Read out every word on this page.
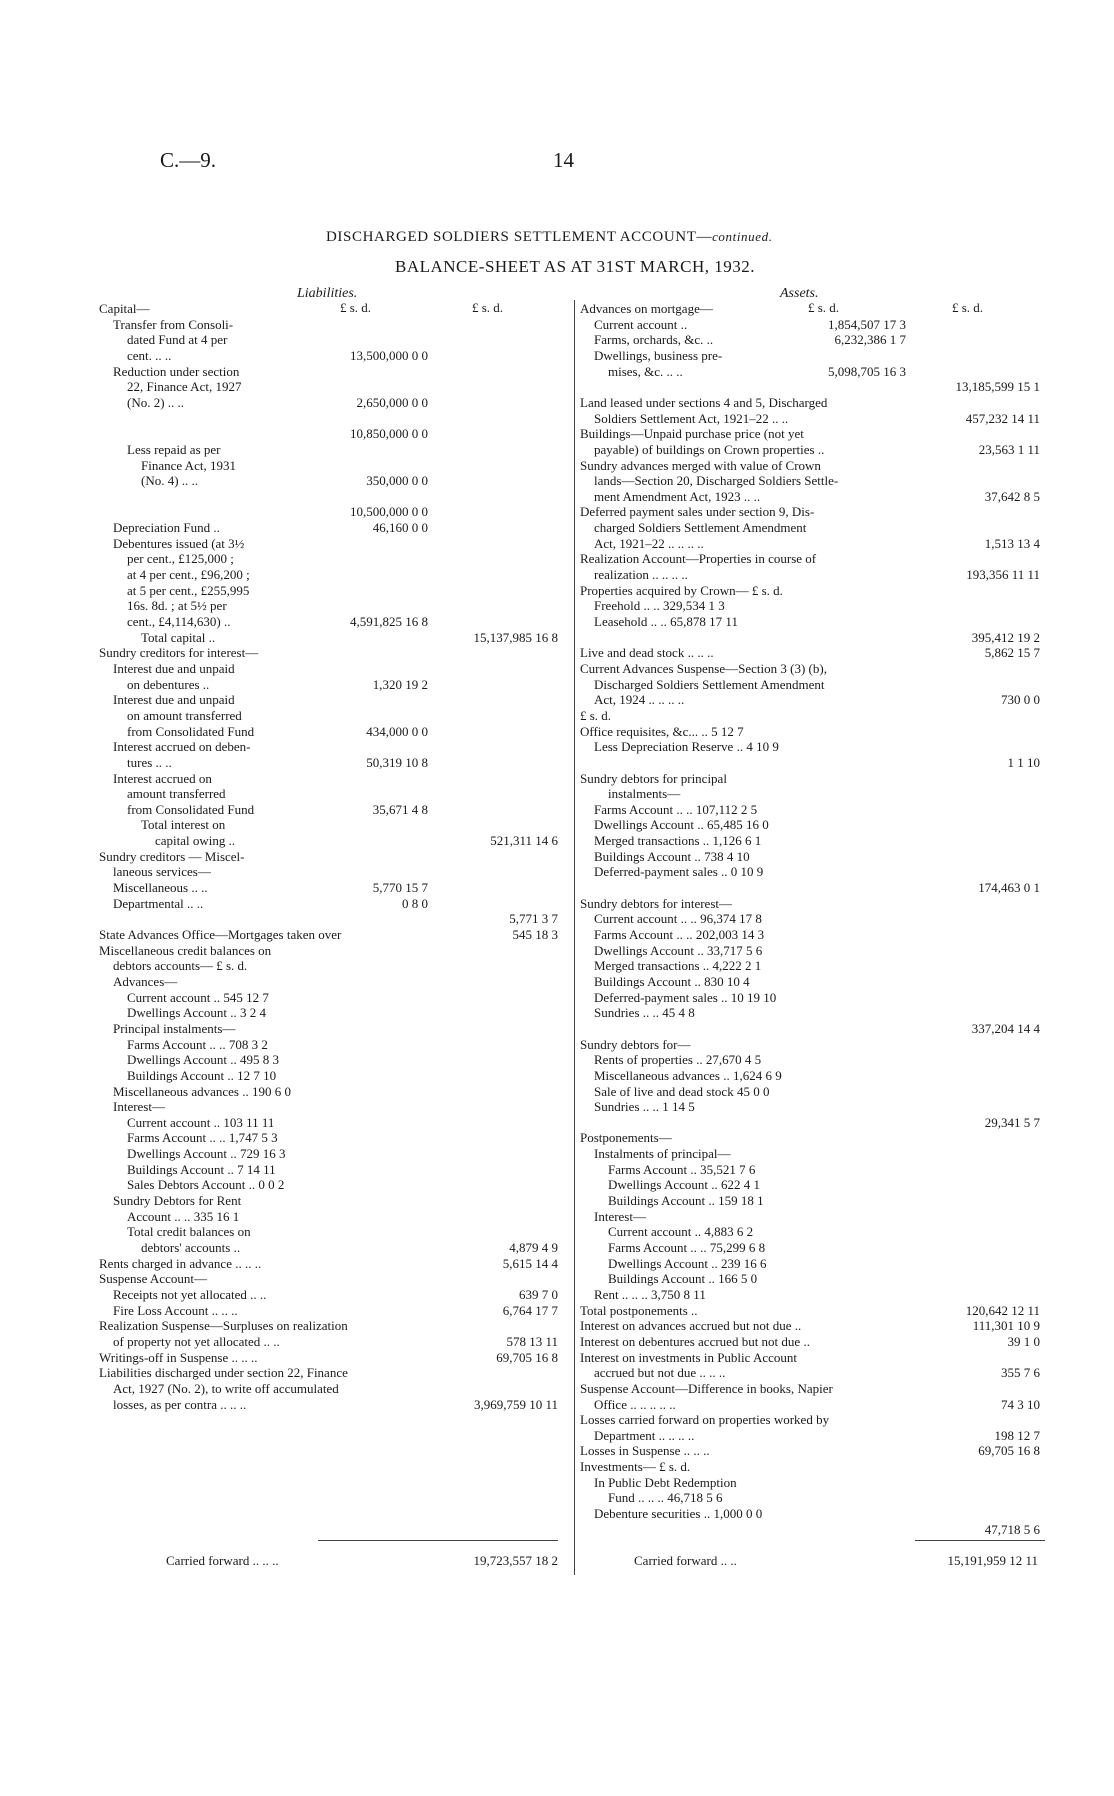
C.—9.	14
DISCHARGED SOLDIERS SETTLEMENT ACCOUNT—continued.
BALANCE-SHEET AS AT 31ST MARCH, 1932.
Liabilities.
£ s. d.	£ s. d.
Assets.
£ s. d.	£ s. d.
Capital—
Transfer from Consoli-
dated Fund at 4 per
cent. .. ..	13,500,000 0 0
Reduction under section
22, Finance Act, 1927
(No. 2) .. ..	2,650,000 0 0
10,850,000 0 0
Less repaid as per
Finance Act, 1931
(No. 4) .. ..	350,000 0 0
10,500,000 0 0
Depreciation Fund ..	46,160 0 0
Debentures issued (at 3½
per cent., £125,000 ;
at 4 per cent., £96,200 ;
at 5 per cent., £255,995
16s. 8d. ; at 5½ per
cent., £4,114,630) ..	4,591,825 16 8
Total capital ..	15,137,985 16 8
Sundry creditors for interest—
Interest due and unpaid
on debentures ..	1,320 19 2
Interest due and unpaid
on amount transferred
from Consolidated Fund	434,000 0 0
Interest accrued on deben-
tures .. ..	50,319 10 8
Interest accrued on
amount transferred
from Consolidated Fund	35,671 4 8
Total interest on
capital owing ..	521,311 14 6
Sundry creditors — Miscel-
laneous services—
Miscellaneous .. ..	5,770 15 7
Departmental .. ..	0 8 0
5,771 3 7
State Advances Office—Mortgages taken over	545 18 3
Miscellaneous credit balances on
debtors accounts— £ s. d.
Advances—
Current account .. 545 12 7
Dwellings Account .. 3 2 4
Principal instalments—
Farms Account .. .. 708 3 2
Dwellings Account .. 495 8 3
Buildings Account .. 12 7 10
Miscellaneous advances .. 190 6 0
Interest—
Current account .. 103 11 11
Farms Account .. .. 1,747 5 3
Dwellings Account .. 729 16 3
Buildings Account .. 7 14 11
Sales Debtors Account .. 0 0 2
Sundry Debtors for Rent
Account .. .. 335 16 1
Total credit balances on
debtors' accounts ..	4,879 4 9
Rents charged in advance .. .. ..	5,615 14 4
Suspense Account—
Receipts not yet allocated .. ..	639 7 0
Fire Loss Account .. .. ..	6,764 17 7
Realization Suspense—Surpluses on realization
of property not yet allocated .. ..	578 13 11
Writings-off in Suspense .. .. ..	69,705 16 8
Liabilities discharged under section 22, Finance
Act, 1927 (No. 2), to write off accumulated
losses, as per contra .. .. ..	3,969,759 10 11
Advances on mortgage—
Current account ..	1,854,507 17 3
Farms, orchards, &c. ..	6,232,386 1 7
Dwellings, business pre-
mises, &c. .. ..	5,098,705 16 3
13,185,599 15 1
Land leased under sections 4 and 5, Discharged
Soldiers Settlement Act, 1921–22 .. ..	457,232 14 11
Buildings—Unpaid purchase price (not yet
payable) of buildings on Crown properties ..	23,563 1 11
Sundry advances merged with value of Crown
lands—Section 20, Discharged Soldiers Settle-
ment Amendment Act, 1923 .. ..	37,642 8 5
Deferred payment sales under section 9, Dis-
charged Soldiers Settlement Amendment
Act, 1921–22 .. .. .. ..	1,513 13 4
Realization Account—Properties in course of
realization .. .. .. ..	193,356 11 11
Properties acquired by Crown— £ s. d.
Freehold .. .. 329,534 1 3
Leasehold .. .. 65,878 17 11
395,412 19 2
Live and dead stock .. .. ..	5,862 15 7
Current Advances Suspense—Section 3 (3) (b),
Discharged Soldiers Settlement Amendment
Act, 1924 .. .. .. ..	730 0 0
£ s. d.
Office requisites, &c... .. 5 12 7
Less Depreciation Reserve .. 4 10 9
1 1 10
Sundry debtors for principal
instalments—
Farms Account .. .. 107,112 2 5
Dwellings Account .. 65,485 16 0
Merged transactions .. 1,126 6 1
Buildings Account .. 738 4 10
Deferred-payment sales .. 0 10 9
174,463 0 1
Sundry debtors for interest—
Current account .. .. 96,374 17 8
Farms Account .. .. 202,003 14 3
Dwellings Account .. 33,717 5 6
Merged transactions .. 4,222 2 1
Buildings Account .. 830 10 4
Deferred-payment sales .. 10 19 10
Sundries .. .. 45 4 8
337,204 14 4
Sundry debtors for—
Rents of properties .. 27,670 4 5
Miscellaneous advances .. 1,624 6 9
Sale of live and dead stock 45 0 0
Sundries .. .. 1 14 5
29,341 5 7
Postponements—
Instalments of principal—
Farms Account .. 35,521 7 6
Dwellings Account .. 622 4 1
Buildings Account .. 159 18 1
Interest—
Current account .. 4,883 6 2
Farms Account .. .. 75,299 6 8
Dwellings Account .. 239 16 6
Buildings Account .. 166 5 0
Rent .. .. .. 3,750 8 11
Total postponements ..	120,642 12 11
Interest on advances accrued but not due ..	111,301 10 9
Interest on debentures accrued but not due ..	39 1 0
Interest on investments in Public Account
accrued but not due .. .. ..	355 7 6
Suspense Account—Difference in books, Napier
Office .. .. .. .. ..	74 3 10
Losses carried forward on properties worked by
Department .. .. .. ..	198 12 7
Losses in Suspense .. .. ..	69,705 16 8
Investments— £ s. d.
In Public Debt Redemption
Fund .. .. .. 46,718 5 6
Debenture securities .. 1,000 0 0
47,718 5 6
Carried forward .. .. ..	19,723,557 18 2	Carried forward .. ..	15,191,959 12 11
